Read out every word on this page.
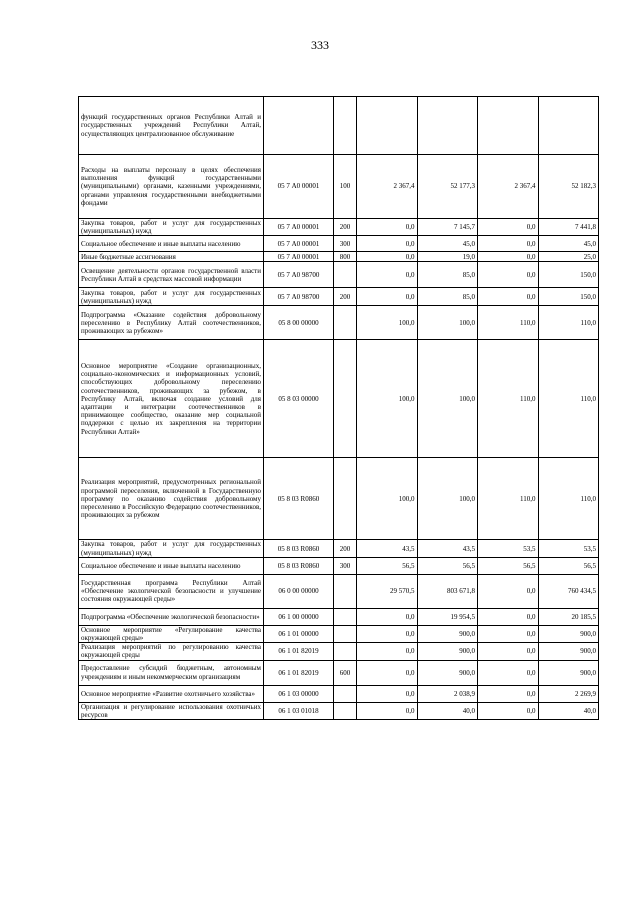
333
функций государственных органов Республики Алтай и государственных учреждений Республики Алтай, осуществляющих централизованное обслуживание						
Расходы на выплаты персоналу в целях обеспечения выполнения функций государственными (муниципальными) органами, казенными учреждениями, органами управления государственными внебюджетными фондами	05 7 А0 00001	100	2 367,4	52 177,3	2 367,4	52 182,3
Закупка товаров, работ и услуг для государственных (муниципальных) нужд	05 7 А0 00001	200	0,0	7 145,7	0,0	7 441,8
Социальное обеспечение и иные выплаты населению	05 7 А0 00001	300	0,0	45,0	0,0	45,0
Иные бюджетные ассигнования	05 7 А0 00001	800	0,0	19,0	0,0	25,0
Освещение деятельности органов государственной власти Республики Алтай в средствах массовой информации	05 7 А0 98700		0,0	85,0	0,0	150,0
Закупка товаров, работ и услуг для государственных (муниципальных) нужд	05 7 А0 98700	200	0,0	85,0	0,0	150,0
Подпрограмма «Оказание содействия добровольному переселению в Республику Алтай соотечественников, проживающих за рубежом»	05 8 00 00000		100,0	100,0	110,0	110,0
Основное мероприятие «Создание организационных, социально-экономических и информационных условий, способствующих добровольному переселению соотечественников, проживающих за рубежом, в Республику Алтай, включая создание условий для адаптации и интеграции соотечественников в принимающее сообщество, оказание мер социальной поддержки с целью их закрепления на территории Республики Алтай»	05 8 03 00000		100,0	100,0	110,0	110,0
Реализация мероприятий, предусмотренных региональной программой переселения, включенной в Государственную программу по оказанию содействия добровольному переселению в Российскую Федерацию соотечественников, проживающих за рубежом	05 8 03 R0860		100,0	100,0	110,0	110,0
Закупка товаров, работ и услуг для государственных (муниципальных) нужд	05 8 03 R0860	200	43,5	43,5	53,5	53,5
Социальное обеспечение и иные выплаты населению	05 8 03 R0860	300	56,5	56,5	56,5	56,5
Государственная программа Республики Алтай «Обеспечение экологической безопасности и улучшение состояния окружающей среды»	06 0 00 00000		29 570,5	803 671,8	0,0	760 434,5
Подпрограмма «Обеспечение экологической безопасности»	06 1 00 00000		0,0	19 954,5	0,0	20 185,5
Основное мероприятие «Регулирование качества окружающей среды»	06 1 01 00000		0,0	900,0	0,0	900,0
Реализация мероприятий по регулированию качества окружающей среды	06 1 01 82019		0,0	900,0	0,0	900,0
Предоставление субсидий бюджетным, автономным учреждениям и иным некоммерческим организациям	06 1 01 82019	600	0,0	900,0	0,0	900,0
Основное мероприятие «Развитие охотничьего хозяйства»	06 1 03 00000		0,0	2 038,9	0,0	2 269,9
Организация и регулирование использования охотничьих ресурсов	06 1 03 01018		0,0	40,0	0,0	40,0
